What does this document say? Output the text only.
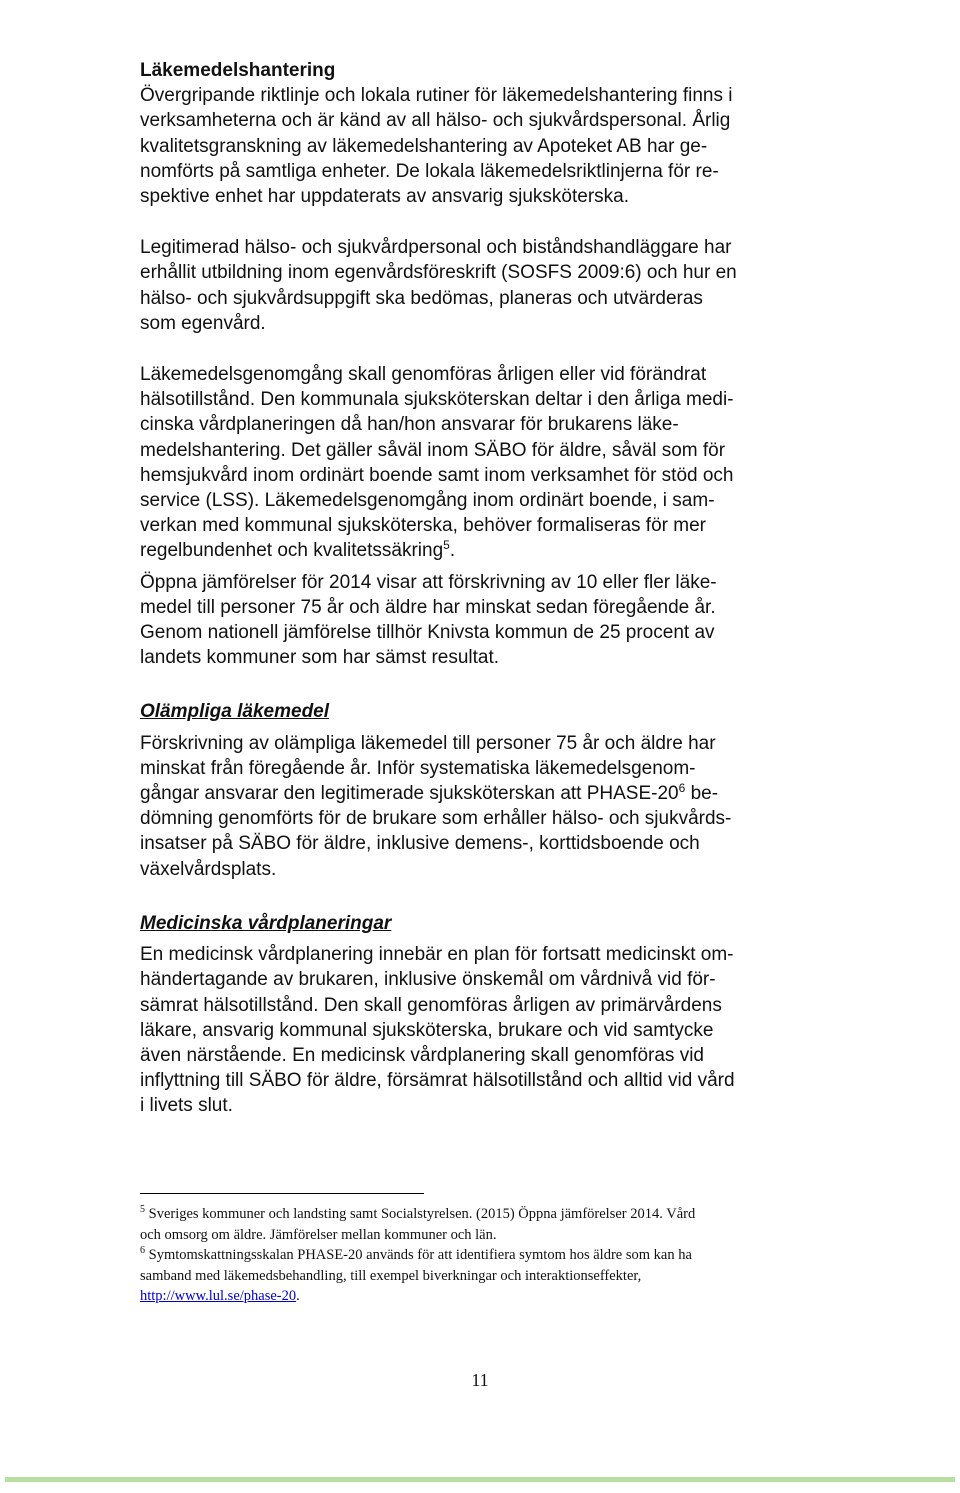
Läkemedelshantering

Övergripande riktlinje och lokala rutiner för läkemedelshantering finns i
verksamheterna och är känd av all hälso- och sjukvårdspersonal. Årlig
kvalitetsgranskning av läkemedelshantering av Apoteket AB har ge-
nomförts på samtliga enheter. De lokala läkemedelsriktlinjerna för re-
spektive enhet har uppdaterats av ansvarig sjuksköterska.

Legitimerad hälso- och sjukvårdpersonal och biståndshandläggare har
erhållit utbildning inom egenvårdsföreskrift (SOSFS 2009:6) och hur en
hälso- och sjukvårdsuppgift ska bedömas, planeras och utvärderas
som egenvård.

Läkemedelsgenomgång skall genomföras årligen eller vid förändrat
hälsotillstånd. Den kommunala sjuksköterskan deltar i den årliga medi-
cinska vårdplaneringen då han/hon ansvarar för brukarens läke-
medelshantering. Det gäller såväl inom SÄBO för äldre, såväl som för
hemsjukvård inom ordinärt boende samt inom verksamhet för stöd och
service (LSS). Läkemedelsgenomgång inom ordinärt boende, i sam-
verkan med kommunal sjuksköterska, behöver formaliseras för mer
regelbundenhet och kvalitetssäkring$^5$.

Öppna jämförelser för 2014 visar att förskrivning av 10 eller fler läke-
medel till personer 75 år och äldre har minskat sedan föregående år.
Genom nationell jämförelse tillhör Knivsta kommun de 25 procent av
landets kommuner som har sämst resultat.

Olämpliga läkemedel

Förskrivning av olämpliga läkemedel till personer 75 år och äldre har
minskat från föregående år. Inför systematiska läkemedelsgenom-
gångar ansvarar den legitimerade sjuksköterskan att PHASE-$20^6$ be-
dömning genomförts för de brukare som erhåller hälso- och sjukvårds-
insatser på SÄBO för äldre, inklusive demens-, korttidsboende och
växelvårdsplats.

Medicinska vårdplaneringar

En medicinsk vårdplanering innebär en plan för fortsatt medicinskt om-
händertagande av brukaren, inklusive önskemål om vårdnivå vid för-
sämrat hälsotillstånd. Den skall genomföras årligen av primärvårdens
läkare, ansvarig kommunal sjuksköterska, brukare och vid samtycke
även närstående. En medicinsk vårdplanering skall genomföras vid
inflyttning till SÄBO för äldre, försämrat hälsotillstånd och alltid vid vård
i livets slut.

$^5$ Sveriges kommuner och landsting samt Socialstyrelsen. (2015) Öppna jämförelser 2014. Vård
och omsorg om äldre. Jämförelser mellan kommuner och län.
$^6$ Symtomskattningsskalan PHASE-20 används för att identifiera symtom hos äldre som kan ha
samband med läkemedsbehandling, till exempel biverkningar och interaktionseffekter,
http://www.lul.se/phase-20.
11
